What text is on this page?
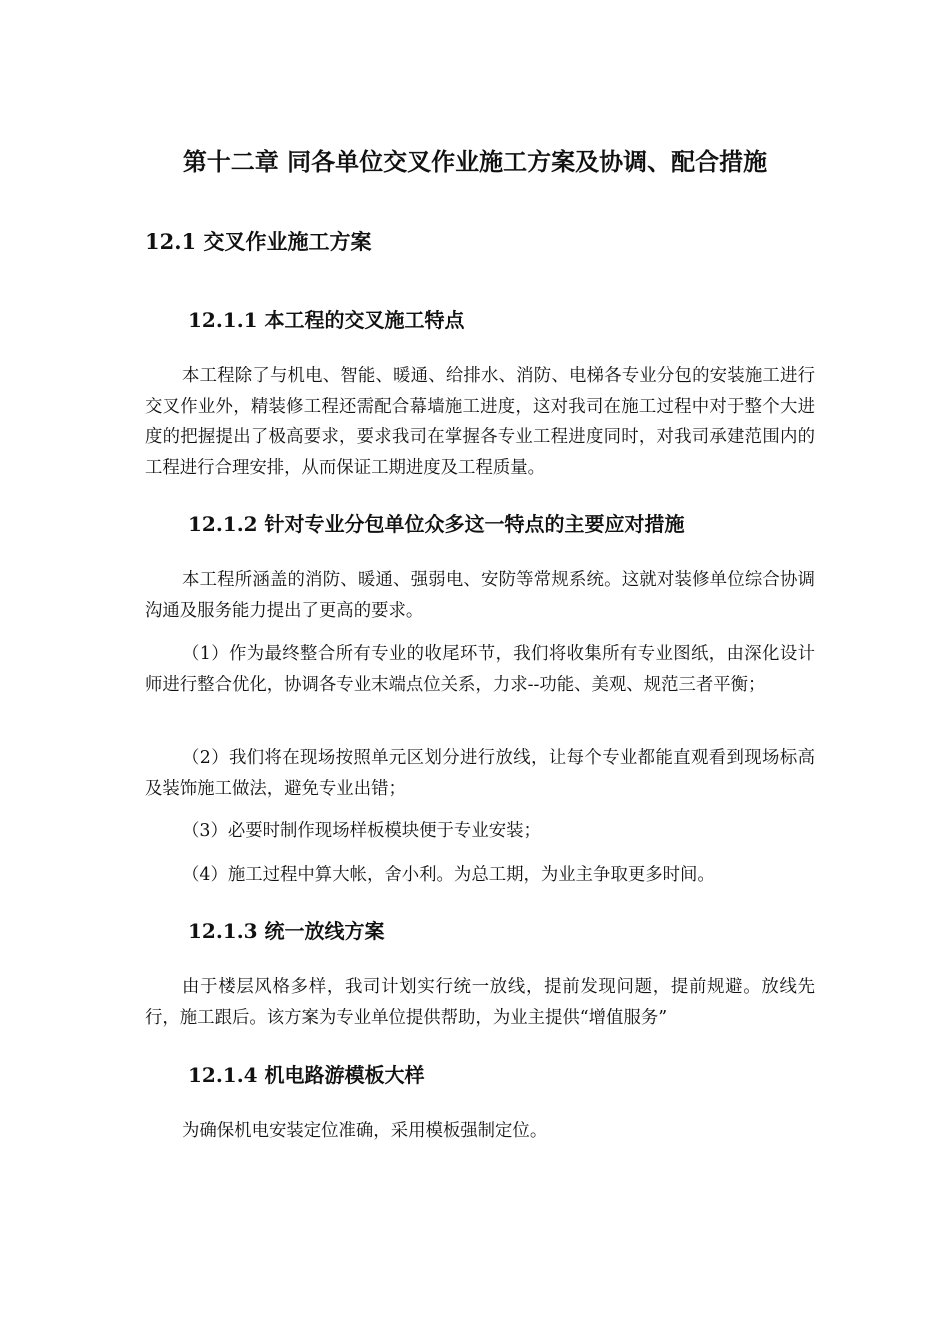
第十二章 同各单位交叉作业施工方案及协调、配合措施
12.1 交叉作业施工方案
12.1.1 本工程的交叉施工特点

本工程除了与机电、智能、暖通、给排水、消防、电梯各专业分包的安装施工进行交叉作业外，精装修工程还需配合幕墙施工进度，这对我司在施工过程中对于整个大进度的把握提出了极高要求，要求我司在掌握各专业工程进度同时，对我司承建范围内的工程进行合理安排，从而保证工期进度及工程质量。

12.1.2 针对专业分包单位众多这一特点的主要应对措施

本工程所涵盖的消防、暖通、强弱电、安防等常规系统。这就对装修单位综合协调沟通及服务能力提出了更高的要求。

（1）作为最终整合所有专业的收尾环节，我们将收集所有专业图纸，由深化设计师进行整合优化，协调各专业末端点位关系，力求--功能、美观、规范三者平衡；

（2）我们将在现场按照单元区划分进行放线，让每个专业都能直观看到现场标高及装饰施工做法，避免专业出错；

（3）必要时制作现场样板模块便于专业安装；

（4）施工过程中算大帐，舍小利。为总工期，为业主争取更多时间。

12.1.3 统一放线方案

由于楼层风格多样，我司计划实行统一放线，提前发现问题，提前规避。放线先行，施工跟后。该方案为专业单位提供帮助，为业主提供“增值服务”

12.1.4 机电路游模板大样

为确保机电安装定位准确，采用模板强制定位。
